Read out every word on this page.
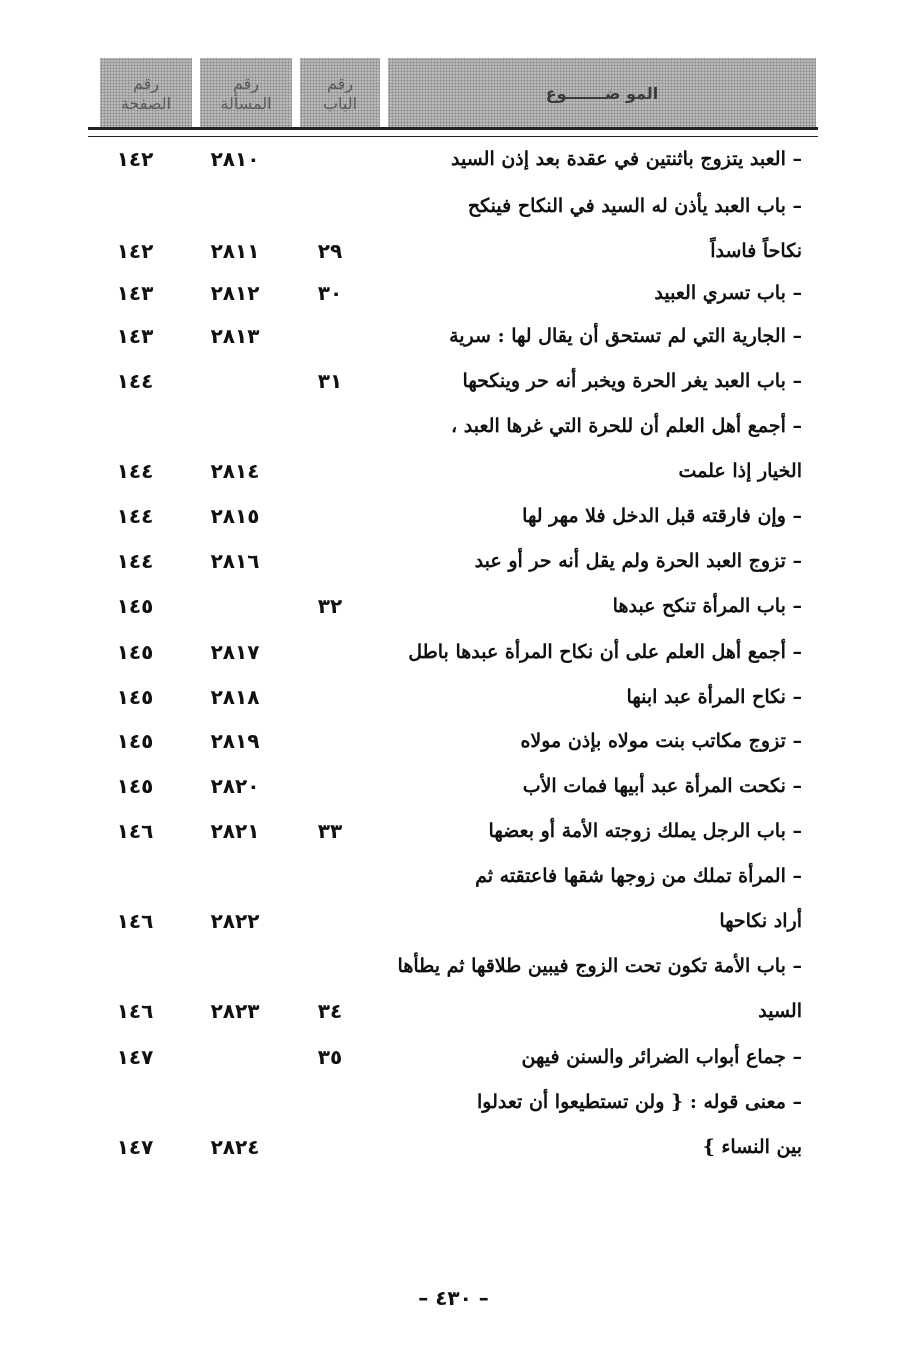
المو ضـــــــوع
رقم
الباب
رقم
المسألة
رقم
الصفحة
– العبد يتزوج باثنتين في عقدة بعد إذن السيد
٢٨١٠
١٤٢
– باب العبد يأذن له السيد في النكاح فينكح
نكاحاً فاسداً
٢٩
٢٨١١
١٤٢
– باب تسري العبيد
٣٠
٢٨١٢
١٤٣
– الجارية التي لم تستحق أن يقال لها : سرية
٢٨١٣
١٤٣
– باب العبد يغر الحرة ويخبر أنه حر وينكحها
٣١
١٤٤
– أجمع أهل العلم أن للحرة التي غرها العبد ،
الخيار إذا علمت
٢٨١٤
١٤٤
– وإن فارقته قبل الدخل فلا مهر لها
٢٨١٥
١٤٤
– تزوج العبد الحرة ولم يقل أنه حر أو عبد
٢٨١٦
١٤٤
– باب المرأة تنكح عبدها
٣٢
١٤٥
– أجمع أهل العلم على أن نكاح المرأة عبدها باطل
٢٨١٧
١٤٥
– نكاح المرأة عبد ابنها
٢٨١٨
١٤٥
– تزوج مكاتب بنت مولاه بإذن مولاه
٢٨١٩
١٤٥
– نكحت المرأة عبد أبيها فمات الأب
٢٨٢٠
١٤٥
– باب الرجل يملك زوجته الأمة أو بعضها
٣٣
٢٨٢١
١٤٦
– المرأة تملك من زوجها شقها فاعتقته ثم
أراد نكاحها
٢٨٢٢
١٤٦
– باب الأمة تكون تحت الزوج فيبين طلاقها ثم يطأها
السيد
٣٤
٢٨٢٣
١٤٦
– جماع أبواب الضرائر والسنن فيهن
٣٥
١٤٧
– معنى قوله : { ولن تستطيعوا أن تعدلوا
بين النساء }
٢٨٢٤
١٤٧
– ٤٣٠ –
